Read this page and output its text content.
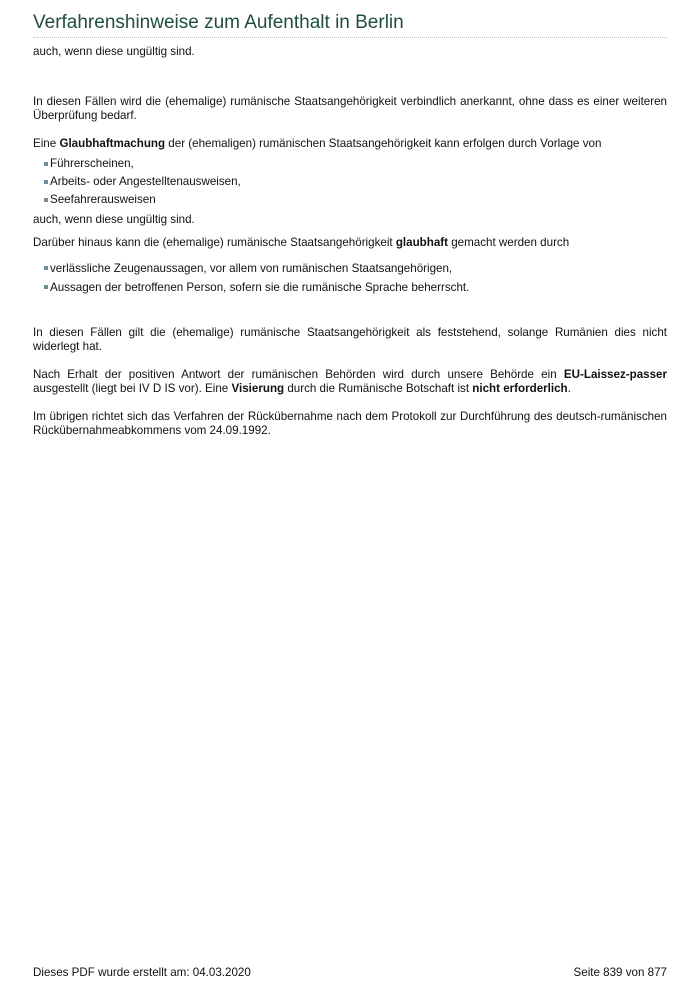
Verfahrenshinweise zum Aufenthalt in Berlin

auch, wenn diese ungültig sind.

In diesen Fällen wird die (ehemalige) rumänische Staatsangehörigkeit verbindlich anerkannt, ohne dass es einer weiteren Überprüfung bedarf.

Eine Glaubhaftmachung der (ehemaligen) rumänischen Staatsangehörigkeit kann erfolgen durch Vorlage von

Führerscheinen,
Arbeits- oder Angestelltenausweisen,
Seefahrerausweisen

auch, wenn diese ungültig sind.

Darüber hinaus kann die (ehemalige) rumänische Staatsangehörigkeit glaubhaft gemacht werden durch

verlässliche Zeugenaussagen, vor allem von rumänischen Staatsangehörigen,
Aussagen der betroffenen Person, sofern sie die rumänische Sprache beherrscht.

In diesen Fällen gilt die (ehemalige) rumänische Staatsangehörigkeit als feststehend, solange Rumänien dies nicht widerlegt hat.

Nach Erhalt der positiven Antwort der rumänischen Behörden wird durch unsere Behörde ein EU-Laissez-passer ausgestellt (liegt bei IV D IS vor). Eine Visierung durch die Rumänische Botschaft ist nicht erforderlich.

Im übrigen richtet sich das Verfahren der Rückübernahme nach dem Protokoll zur Durchführung des deutsch-rumänischen Rückübernahmeabkommens vom 24.09.1992.

Dieses PDF wurde erstellt am: 04.03.2020	Seite 839 von 877
